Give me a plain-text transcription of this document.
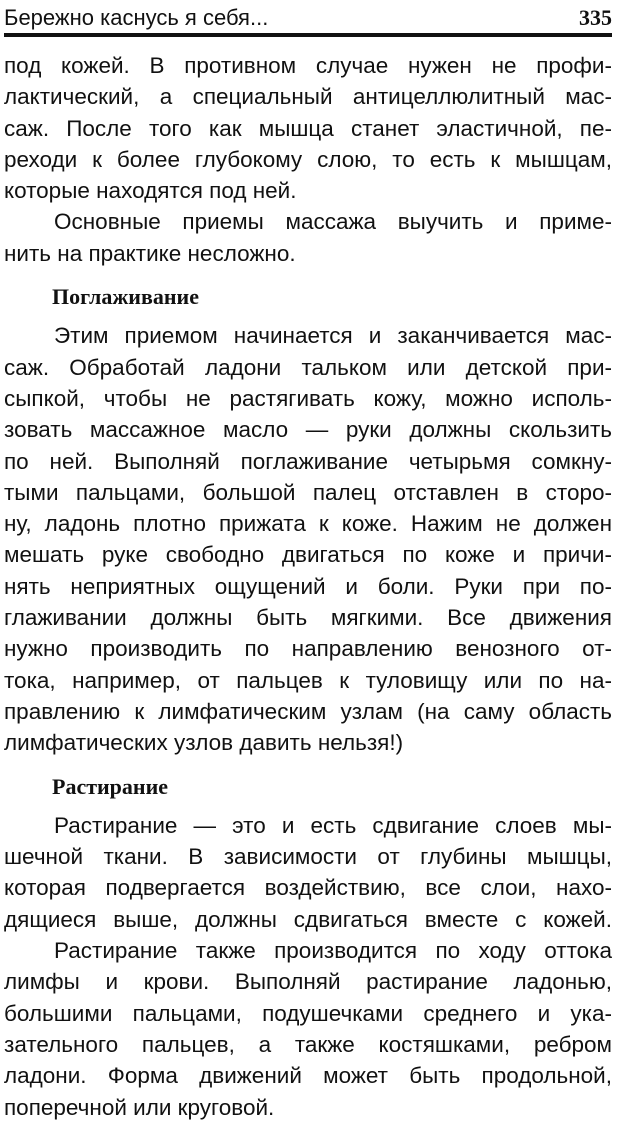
Бережно каснусь я себя...	335
под кожей. В противном случае нужен не профи-
лактический, а специальный антицеллюлитный мас-
саж. После того как мышца станет эластичной, пе-
реходи к более глубокому слою, то есть к мышцам,
которые находятся под ней.
Основные приемы массажа выучить и приме-
нить на практике несложно.
Поглаживание
Этим приемом начинается и заканчивается мас-
саж. Обработай ладони тальком или детской при-
сыпкой, чтобы не растягивать кожу, можно исполь-
зовать массажное масло — руки должны скользить
по ней. Выполняй поглаживание четырьмя сомкну-
тыми пальцами, большой палец отставлен в сторо-
ну, ладонь плотно прижата к коже. Нажим не должен
мешать руке свободно двигаться по коже и причи-
нять неприятных ощущений и боли. Руки при по-
глаживании должны быть мягкими. Все движения
нужно производить по направлению венозного от-
тока, например, от пальцев к туловищу или по на-
правлению к лимфатическим узлам (на саму область
лимфатических узлов давить нельзя!)
Растирание
Растирание — это и есть сдвигание слоев мы-
шечной ткани. В зависимости от глубины мышцы,
которая подвергается воздействию, все слои, нахо-
дящиеся выше, должны сдвигаться вместе с кожей.
Растирание также производится по ходу оттока
лимфы и крови. Выполняй растирание ладонью,
большими пальцами, подушечками среднего и ука-
зательного пальцев, а также костяшками, ребром
ладони. Форма движений может быть продольной,
поперечной или круговой.
